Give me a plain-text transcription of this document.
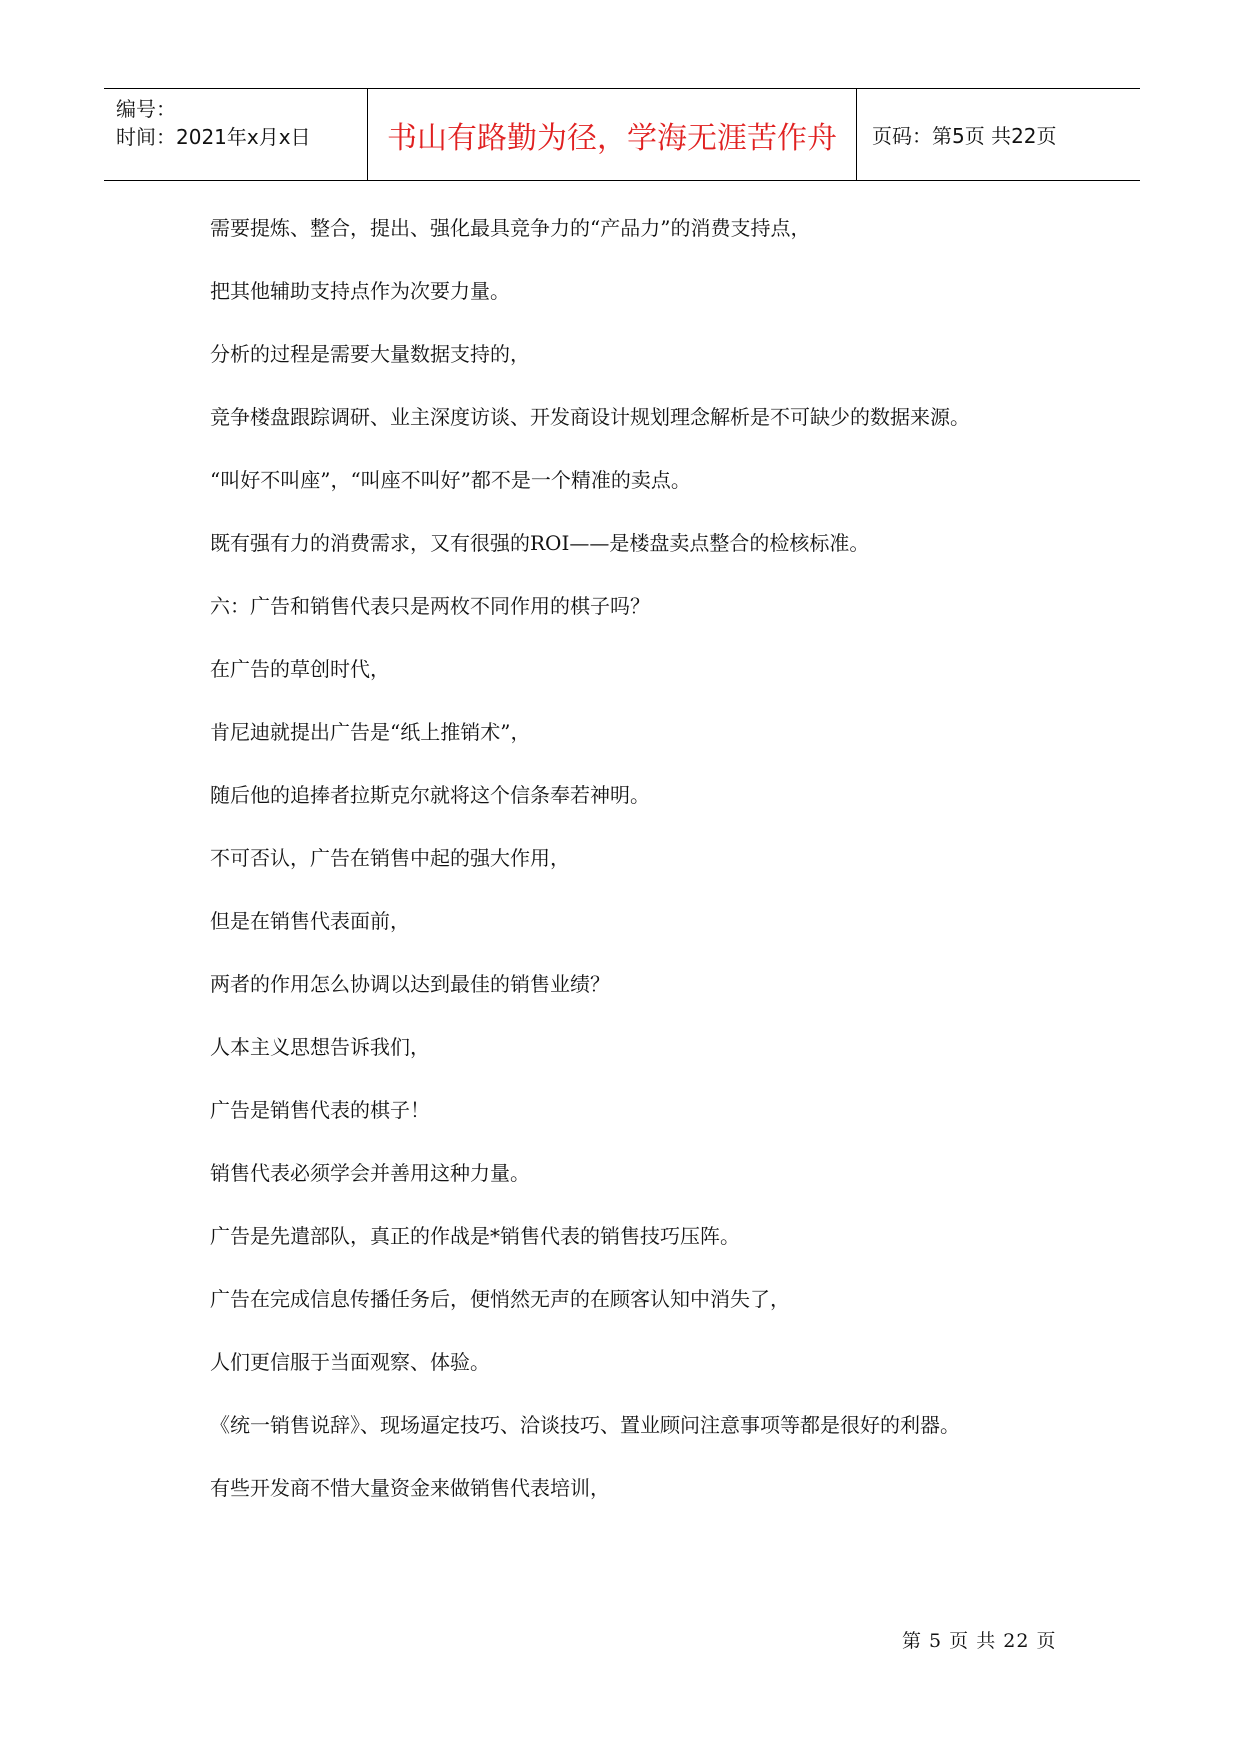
编号：
时间：2021年x月x日	书山有路勤为径，学海无涯苦作舟	页码：第5页 共22页

需要提炼、整合，提出、强化最具竞争力的“产品力”的消费支持点，

把其他辅助支持点作为次要力量。

分析的过程是需要大量数据支持的，

竞争楼盘跟踪调研、业主深度访谈、开发商设计规划理念解析是不可缺少的数据来源。

“叫好不叫座”，“叫座不叫好”都不是一个精准的卖点。

既有强有力的消费需求，又有很强的ROI——是楼盘卖点整合的检核标准。

六：广告和销售代表只是两枚不同作用的棋子吗？

在广告的草创时代，

肯尼迪就提出广告是“纸上推销术”，

随后他的追捧者拉斯克尔就将这个信条奉若神明。

不可否认，广告在销售中起的强大作用，

但是在销售代表面前，

两者的作用怎么协调以达到最佳的销售业绩？

人本主义思想告诉我们，

广告是销售代表的棋子！

销售代表必须学会并善用这种力量。

广告是先遣部队，真正的作战是*销售代表的销售技巧压阵。

广告在完成信息传播任务后，便悄然无声的在顾客认知中消失了，

人们更信服于当面观察、体验。

《统一销售说辞》、现场逼定技巧、洽谈技巧、置业顾问注意事项等都是很好的利器。

有些开发商不惜大量资金来做销售代表培训，

第 5 页 共 22 页
